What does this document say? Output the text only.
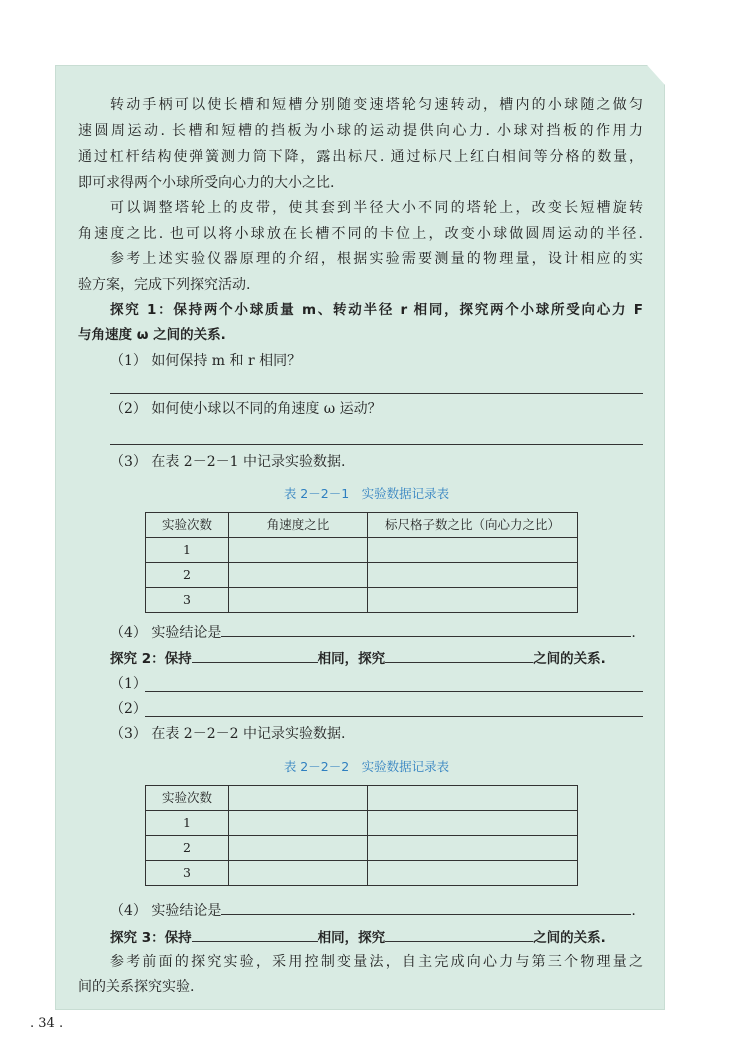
转动手柄可以使长槽和短槽分别随变速塔轮匀速转动，槽内的小球随之做匀
速圆周运动. 长槽和短槽的挡板为小球的运动提供向心力. 小球对挡板的作用力
通过杠杆结构使弹簧测力筒下降，露出标尺. 通过标尺上红白相间等分格的数量，
即可求得两个小球所受向心力的大小之比.
可以调整塔轮上的皮带，使其套到半径大小不同的塔轮上，改变长短槽旋转
角速度之比. 也可以将小球放在长槽不同的卡位上，改变小球做圆周运动的半径.
参考上述实验仪器原理的介绍，根据实验需要测量的物理量，设计相应的实
验方案，完成下列探究活动.
探究 1：保持两个小球质量 m、转动半径 r 相同，探究两个小球所受向心力 F
与角速度 ω 之间的关系.
（1） 如何保持 m 和 r 相同？
（2） 如何使小球以不同的角速度 ω 运动？
（3） 在表 2－2－1 中记录实验数据.
表 2－2－1　实验数据记录表
实验次数	角速度之比	标尺格子数之比（向心力之比）
1		
2		
3		
（4） 实验结论是	.
探究 2：保持	相同，探究	之间的关系.
（1）
（2）
（3） 在表 2－2－2 中记录实验数据.
表 2－2－2　实验数据记录表
实验次数		
1		
2		
3		
（4） 实验结论是	.
探究 3：保持	相同，探究	之间的关系.
参考前面的探究实验，采用控制变量法，自主完成向心力与第三个物理量之
间的关系探究实验.
. 34 .
